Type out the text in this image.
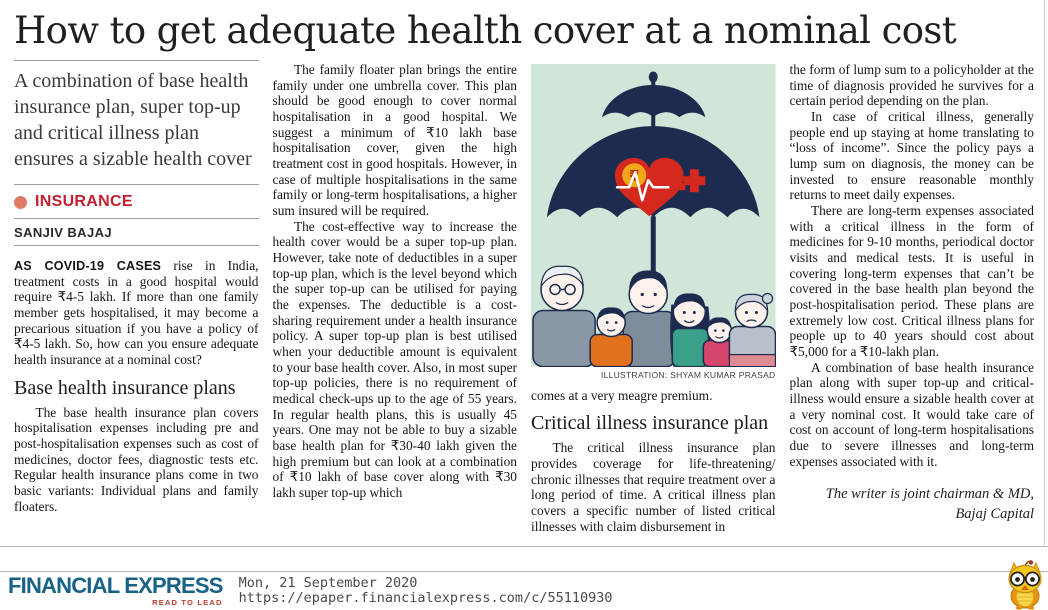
How to get adequate health cover at a nominal cost
A combination of base health insurance plan, super top-up and critical illness plan ensures a sizable health cover
INSURANCE
SANJIV BAJAJ

AS COVID-19 CASES rise in India, treatment costs in a good hospital would require ₹4-5 lakh. If more than one family member gets hospitalised, it may become a precarious situation if you have a policy of ₹4-5 lakh. So, how can you ensure adequate health insurance at a nominal cost?

Base health insurance plans

The base health insurance plan covers hospitalisation expenses including pre and post-hospitalisation expenses such as cost of medicines, doctor fees, diagnostic tests etc. Regular health insurance plans come in two basic variants: Individual plans and family floaters.

The family floater plan brings the entire family under one umbrella cover. This plan should be good enough to cover normal hospitalisation in a good hospital. We suggest a minimum of ₹10 lakh base hospitalisation cover, given the high treatment cost in good hospitals. However, in case of multiple hospitalisations in the same family or long-term hospitalisations, a higher sum insured will be required.

The cost-effective way to increase the health cover would be a super top-up plan. However, take note of deductibles in a super top-up plan, which is the level beyond which the super top-up can be utilised for paying the expenses. The deductible is a cost-sharing requirement under a health insurance policy. A super top-up plan is best utilised when your deductible amount is equivalent to your base health cover. Also, in most super top-up policies, there is no requirement of medical check-ups up to the age of 55 years. In regular health plans, this is usually 45 years. One may not be able to buy a sizable base health plan for ₹30-40 lakh given the high premium but can look at a combination of ₹10 lakh of base cover along with ₹30 lakh super top-up which

₹
ILLUSTRATION: SHYAM KUMAR PRASAD

comes at a very meagre premium.

Critical illness insurance plan

The critical illness insurance plan provides coverage for life-threatening/ chronic illnesses that require treatment over a long period of time. A critical illness plan covers a specific number of listed critical illnesses with claim disbursement in

the form of lump sum to a policyholder at the time of diagnosis provided he survives for a certain period depending on the plan.

In case of critical illness, generally people end up staying at home translating to “loss of income”. Since the policy pays a lump sum on diagnosis, the money can be invested to ensure reasonable monthly returns to meet daily expenses.

There are long-term expenses associated with a critical illness in the form of medicines for 9-10 months, periodical doctor visits and medical tests. It is useful in covering long-term expenses that can’t be covered in the base health plan beyond the post-hospitalisation period. These plans are extremely low cost. Critical illness plans for people up to 40 years should cost about ₹5,000 for a ₹10-lakh plan.

A combination of base health insurance plan along with super top-up and critical-illness would ensure a sizable health cover at a very nominal cost. It would take care of cost on account of long-term hospitalisations due to severe illnesses and long-term expenses associated with it.

The writer is joint chairman & MD,
Bajaj Capital
FINANCIAL EXPRESS
READ TO LEAD
Mon, 21 September 2020
https://epaper.financialexpress.com/c/55110930
